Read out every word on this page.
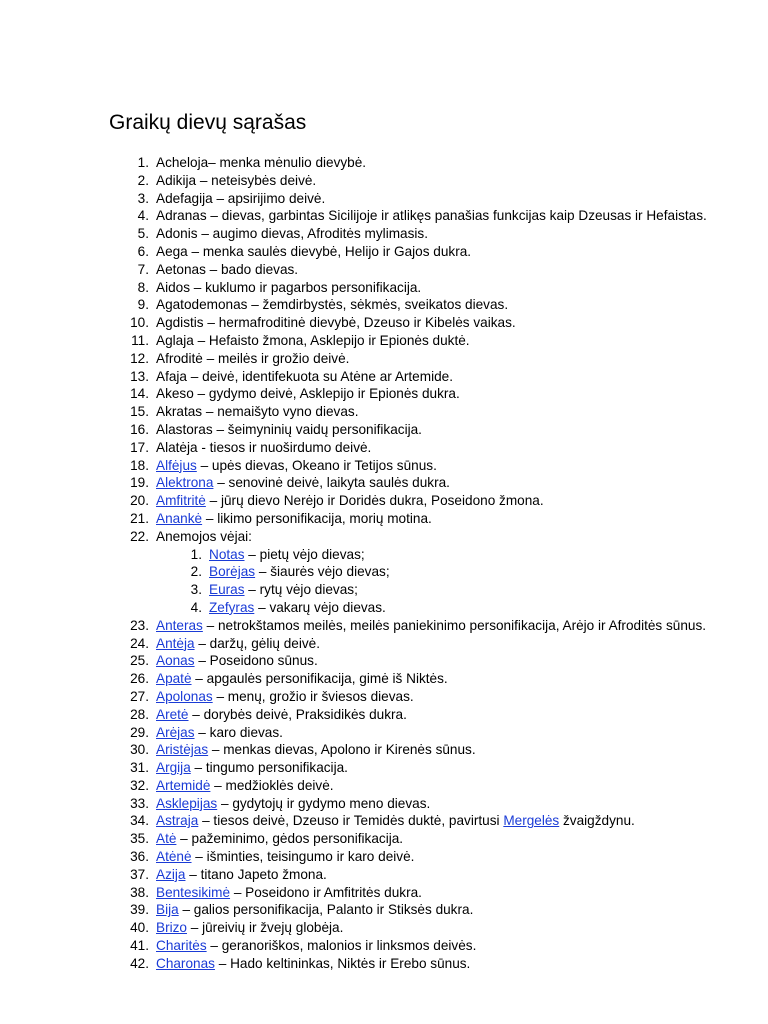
Graikų dievų sąrašas
1. Acheloja– menka mėnulio dievybė.
2. Adikija – neteisybės deivė.
3. Adefagija – apsirijimo deivė.
4. Adranas – dievas, garbintas Sicilijoje ir atlikęs panašias funkcijas kaip Dzeusas ir Hefaistas.
5. Adonis – augimo dievas, Afroditės mylimasis.
6. Aega – menka saulės dievybė, Helijo ir Gajos dukra.
7. Aetonas – bado dievas.
8. Aidos – kuklumo ir pagarbos personifikacija.
9. Agatodemonas – žemdirbystės, sėkmės, sveikatos dievas.
10. Agdistis – hermafroditinė dievybė, Dzeuso ir Kibelės vaikas.
11. Aglaja – Hefaisto žmona, Asklepijo ir Epionės duktė.
12. Afroditė – meilės ir grožio deivė.
13. Afaja – deivė, identifekuota su Atėne ar Artemide.
14. Akeso – gydymo deivė, Asklepijo ir Epionės dukra.
15. Akratas – nemaišyto vyno dievas.
16. Alastoras – šeimyninių vaidų personifikacija.
17. Alatėja - tiesos ir nuoširdumo deivė.
18. Alfėjus – upės dievas, Okeano ir Tetijos sūnus.
19. Alektrona – senovinė deivė, laikyta saulės dukra.
20. Amfitritė – jūrų dievo Nerėjo ir Doridės dukra, Poseidono žmona.
21. Anankė – likimo personifikacija, morių motina.
22. Anemojos vėjai:
1. Notas – pietų vėjo dievas;
2. Borėjas – šiaurės vėjo dievas;
3. Euras – rytų vėjo dievas;
4. Zefyras – vakarų vėjo dievas.
23. Anteras – netrokštamos meilės, meilės paniekinimo personifikacija, Arėjo ir Afroditės sūnus.
24. Antėja – daržų, gėlių deivė.
25. Aonas – Poseidono sūnus.
26. Apatė – apgaulės personifikacija, gimė iš Niktės.
27. Apolonas – menų, grožio ir šviesos dievas.
28. Aretė – dorybės deivė, Praksidikės dukra.
29. Arėjas – karo dievas.
30. Aristėjas – menkas dievas, Apolono ir Kirenės sūnus.
31. Argija – tingumo personifikacija.
32. Artemidė – medžioklės deivė.
33. Asklepijas – gydytojų ir gydymo meno dievas.
34. Astraja – tiesos deivė, Dzeuso ir Temidės duktė, pavirtusi Mergelės žvaigždynu.
35. Atė – pažeminimo, gėdos personifikacija.
36. Atėnė – išminties, teisingumo ir karo deivė.
37. Azija – titano Japeto žmona.
38. Bentesikimė – Poseidono ir Amfitritės dukra.
39. Bija – galios personifikacija, Palanto ir Stiksės dukra.
40. Brizo – jūreivių ir žvejų globėja.
41. Charitės – geranoriškos, malonios ir linksmos deivės.
42. Charonas – Hado keltininkas, Niktės ir Erebo sūnus.
